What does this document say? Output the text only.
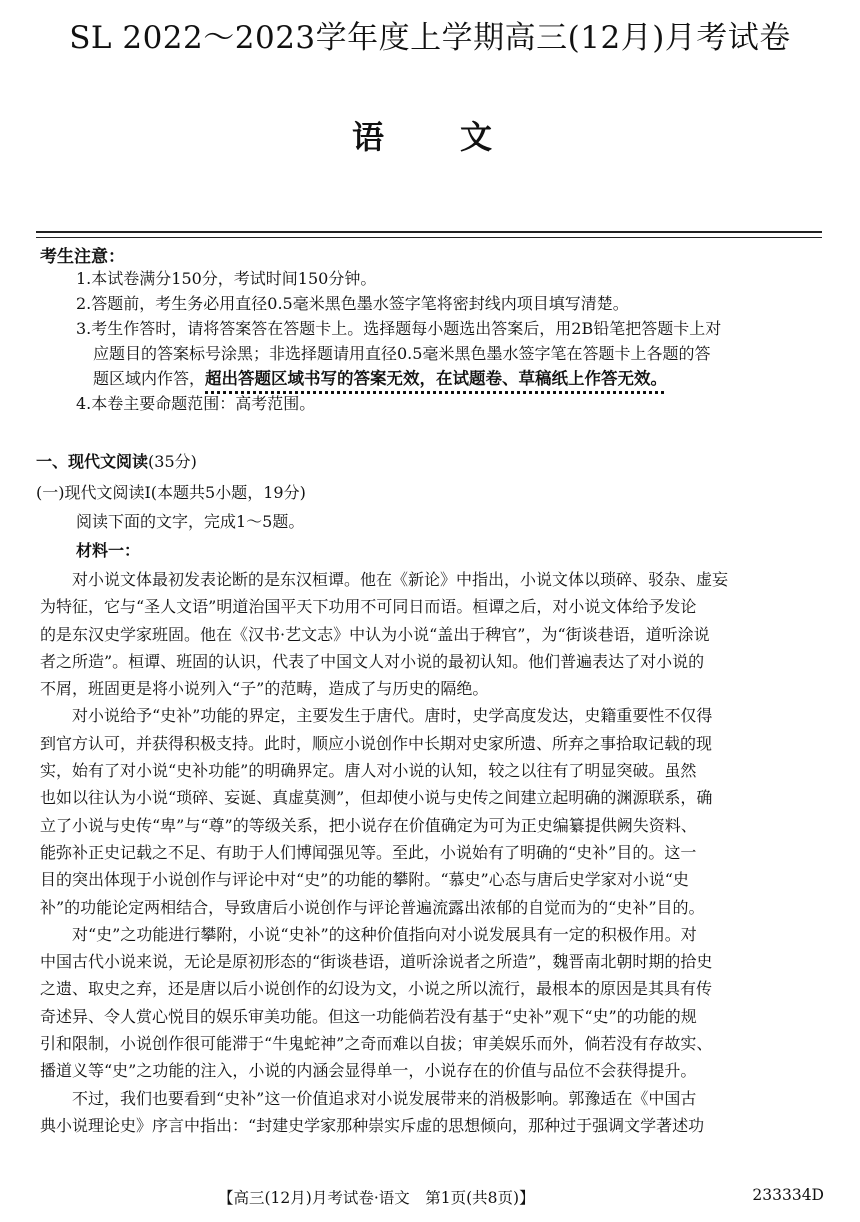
SL 2022～2023学年度上学期高三(12月)月考试卷
语文
考生注意：
1.本试卷满分150分，考试时间150分钟。
2.答题前，考生务必用直径0.5毫米黑色墨水签字笔将密封线内项目填写清楚。
3.考生作答时，请将答案答在答题卡上。选择题每小题选出答案后，用2B铅笔把答题卡上对
应题目的答案标号涂黑；非选择题请用直径0.5毫米黑色墨水签字笔在答题卡上各题的答
题区域内作答，超出答题区域书写的答案无效，在试题卷、草稿纸上作答无效。
4.本卷主要命题范围：高考范围。
一、现代文阅读(35分)
(一)现代文阅读Ⅰ(本题共5小题，19分)
阅读下面的文字，完成1～5题。
材料一：
　　对小说文体最初发表论断的是东汉桓谭。他在《新论》中指出，小说文体以琐碎、驳杂、虚妄
为特征，它与“圣人文语”明道治国平天下功用不可同日而语。桓谭之后，对小说文体给予发论
的是东汉史学家班固。他在《汉书·艺文志》中认为小说“盖出于稗官”，为“街谈巷语，道听涂说
者之所造”。桓谭、班固的认识，代表了中国文人对小说的最初认知。他们普遍表达了对小说的
不屑，班固更是将小说列入“子”的范畴，造成了与历史的隔绝。
　　对小说给予“史补”功能的界定，主要发生于唐代。唐时，史学高度发达，史籍重要性不仅得
到官方认可，并获得积极支持。此时，顺应小说创作中长期对史家所遗、所弃之事拾取记载的现
实，始有了对小说“史补功能”的明确界定。唐人对小说的认知，较之以往有了明显突破。虽然
也如以往认为小说“琐碎、妄诞、真虚莫测”，但却使小说与史传之间建立起明确的渊源联系，确
立了小说与史传“卑”与“尊”的等级关系，把小说存在价值确定为可为正史编纂提供阙失资料、
能弥补正史记载之不足、有助于人们博闻强见等。至此，小说始有了明确的“史补”目的。这一
目的突出体现于小说创作与评论中对“史”的功能的攀附。“慕史”心态与唐后史学家对小说“史
补”的功能论定两相结合，导致唐后小说创作与评论普遍流露出浓郁的自觉而为的“史补”目的。
　　对“史”之功能进行攀附，小说“史补”的这种价值指向对小说发展具有一定的积极作用。对
中国古代小说来说，无论是原初形态的“街谈巷语，道听涂说者之所造”，魏晋南北朝时期的拾史
之遗、取史之弃，还是唐以后小说创作的幻设为文，小说之所以流行，最根本的原因是其具有传
奇述异、令人赏心悦目的娱乐审美功能。但这一功能倘若没有基于“史补”观下“史”的功能的规
引和限制，小说创作很可能滞于“牛鬼蛇神”之奇而难以自拔；审美娱乐而外，倘若没有存故实、
播道义等“史”之功能的注入，小说的内涵会显得单一，小说存在的价值与品位不会获得提升。
　　不过，我们也要看到“史补”这一价值追求对小说发展带来的消极影响。郭豫适在《中国古
典小说理论史》序言中指出：“封建史学家那种崇实斥虚的思想倾向，那种过于强调文学著述功
【高三(12月)月考试卷·语文　第1页(共8页)】	233334D
